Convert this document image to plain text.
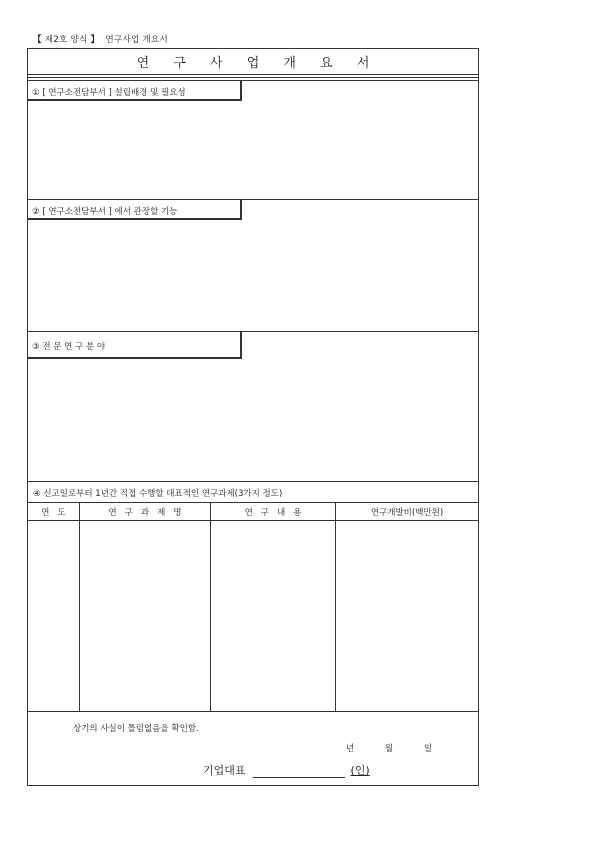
【 제2호 양식 】 연구사업 개요서
연 구 사 업 개 요 서
① [ 연구소전담부서 ] 설립배경 및 필요성
② [ 연구소전담부서 ] 에서 관장할 기능
③ 전 문 연 구 분 야
④ 신고일로부터 1년간 직접 수행할 대표적인 연구과제(3가지 정도)
연 도	연 구 과 제 명	연 구 내 용	연구개발비(백만원)
상기의 사실이 틀림없음을 확인함.
년	월	일
기업대표	(인)
